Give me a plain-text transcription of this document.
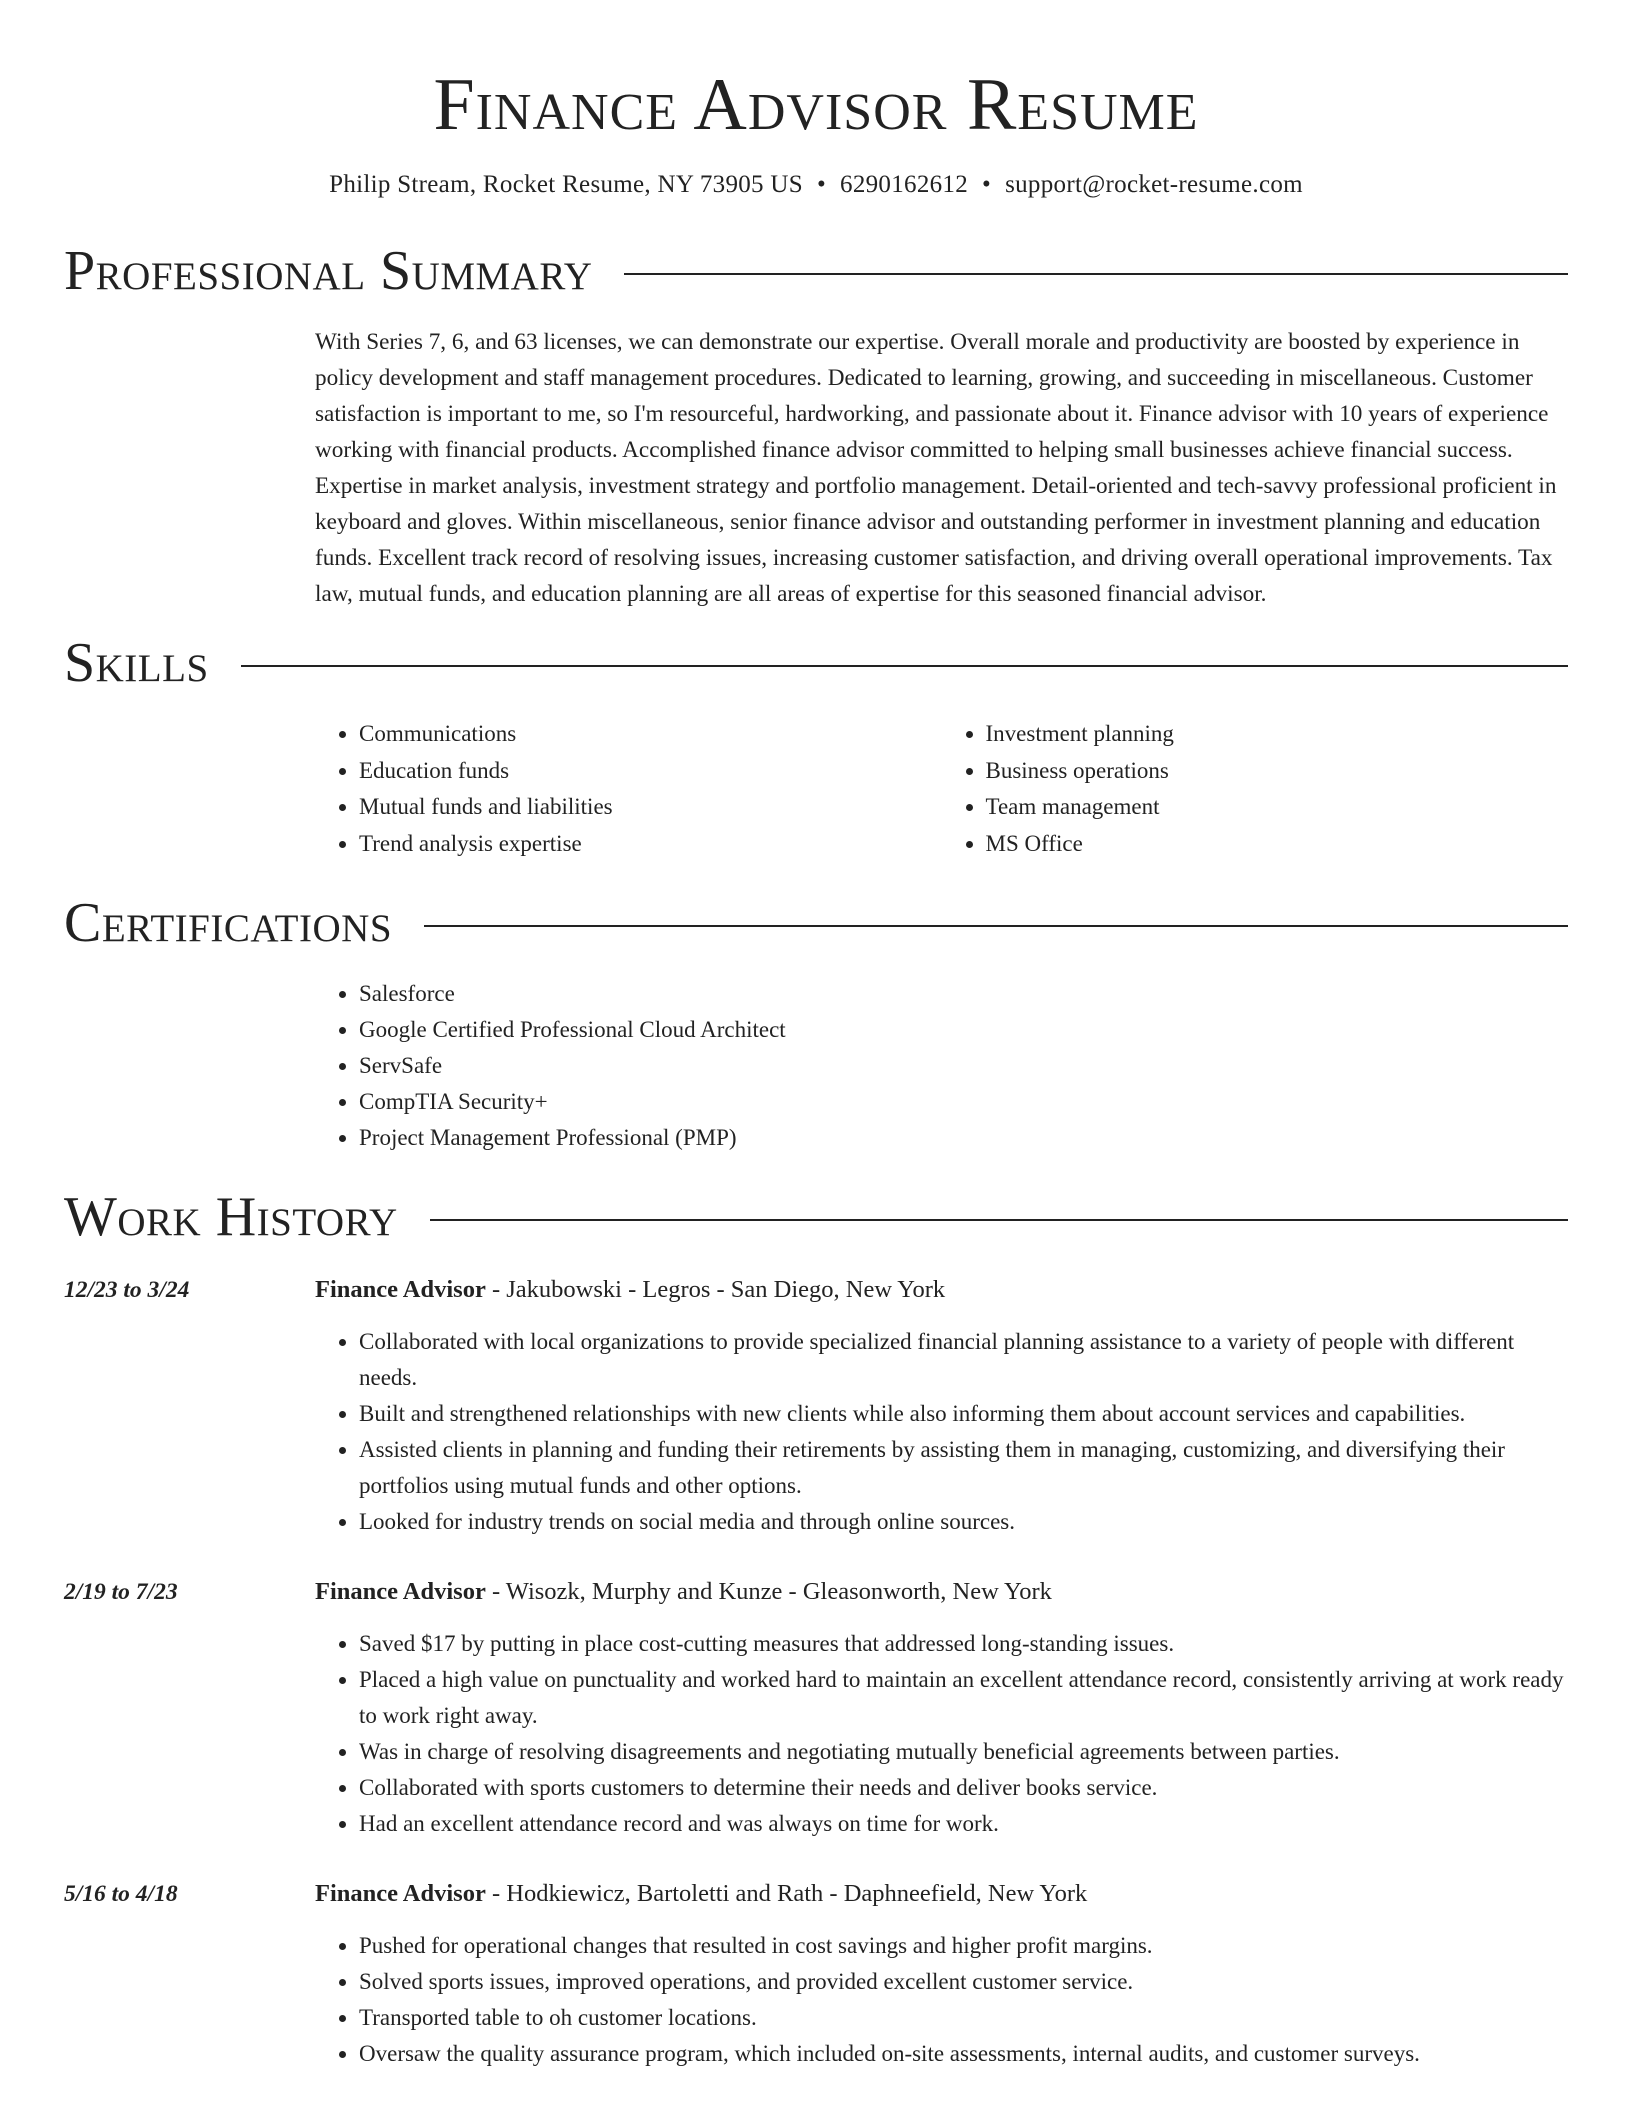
Finance Advisor Resume
Philip Stream, Rocket Resume, NY 73905 US • 6290162612 • support@rocket-resume.com
Professional Summary

With Series 7, 6, and 63 licenses, we can demonstrate our expertise. Overall morale and productivity are boosted by experience in policy development and staff management procedures. Dedicated to learning, growing, and succeeding in miscellaneous. Customer satisfaction is important to me, so I'm resourceful, hardworking, and passionate about it. Finance advisor with 10 years of experience working with financial products. Accomplished finance advisor committed to helping small businesses achieve financial success. Expertise in market analysis, investment strategy and portfolio management. Detail-oriented and tech-savvy professional proficient in keyboard and gloves. Within miscellaneous, senior finance advisor and outstanding performer in investment planning and education funds. Excellent track record of resolving issues, increasing customer satisfaction, and driving overall operational improvements. Tax law, mutual funds, and education planning are all areas of expertise for this seasoned financial advisor.

Skills
• Communications
• Education funds
• Mutual funds and liabilities
• Trend analysis expertise
• Investment planning
• Business operations
• Team management
• MS Office
Certifications
• Salesforce
• Google Certified Professional Cloud Architect
• ServSafe
• CompTIA Security+
• Project Management Professional (PMP)
Work History
12/23 to 3/24	Finance Advisor - Jakubowski - Legros - San Diego, New York
• Collaborated with local organizations to provide specialized financial planning assistance to a variety of people with different needs.
• Built and strengthened relationships with new clients while also informing them about account services and capabilities.
• Assisted clients in planning and funding their retirements by assisting them in managing, customizing, and diversifying their portfolios using mutual funds and other options.
• Looked for industry trends on social media and through online sources.
2/19 to 7/23	Finance Advisor - Wisozk, Murphy and Kunze - Gleasonworth, New York
• Saved $17 by putting in place cost-cutting measures that addressed long-standing issues.
• Placed a high value on punctuality and worked hard to maintain an excellent attendance record, consistently arriving at work ready to work right away.
• Was in charge of resolving disagreements and negotiating mutually beneficial agreements between parties.
• Collaborated with sports customers to determine their needs and deliver books service.
• Had an excellent attendance record and was always on time for work.
5/16 to 4/18	Finance Advisor - Hodkiewicz, Bartoletti and Rath - Daphneefield, New York
• Pushed for operational changes that resulted in cost savings and higher profit margins.
• Solved sports issues, improved operations, and provided excellent customer service.
• Transported table to oh customer locations.
• Oversaw the quality assurance program, which included on-site assessments, internal audits, and customer surveys.
